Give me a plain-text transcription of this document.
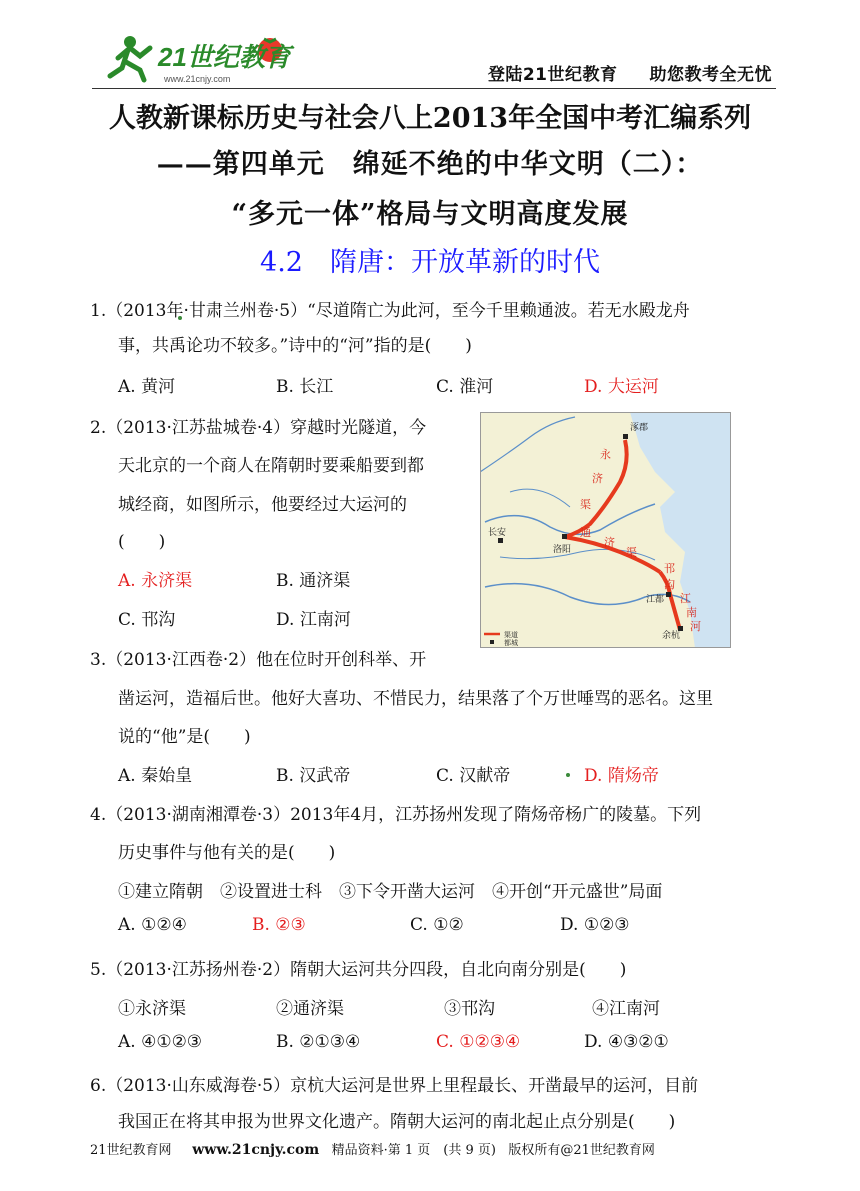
21世纪教育
www.21cnjy.com	登陆21世纪教育 助您教考全无忧
人教新课标历史与社会八上2013年全国中考汇编系列
——第四单元　绵延不绝的中华文明（二）：
“多元一体”格局与文明高度发展
4.2　隋唐：开放革新的时代
1.（2013年·甘肃兰州卷·5）“尽道隋亡为此河，至今千里赖通波。若无水殿龙舟
事，共禹论功不较多。”诗中的“河”指的是(　　)
A. 黄河	B. 长江	C. 淮河	D. 大运河
2.（2013·江苏盐城卷·4）穿越时光隧道，今
天北京的一个商人在隋朝时要乘船要到都
城经商，如图所示，他要经过大运河的
(　　)
A. 永济渠	B. 通济渠
C. 邗沟	D. 江南河
涿郡
洛阳
长安
江都
余杭
永
济
渠
通
济
渠
邗
沟
江
南
河
渠道
都城
3.（2013·江西卷·2）他在位时开创科举、开
凿运河，造福后世。他好大喜功、不惜民力，结果落了个万世唾骂的恶名。这里
说的“他”是(　　)
A. 秦始皇	B. 汉武帝	C. 汉献帝	D. 隋炀帝
4.（2013·湖南湘潭卷·3）2013年4月，江苏扬州发现了隋炀帝杨广的陵墓。下列
历史事件与他有关的是(　　)
①建立隋朝　②设置进士科　③下令开凿大运河　④开创“开元盛世”局面
A. ①②④	B. ②③	C. ①②	D. ①②③
5.（2013·江苏扬州卷·2）隋朝大运河共分四段，自北向南分别是(　　)
①永济渠	②通济渠	③邗沟	④江南河
A. ④①②③	B. ②①③④	C. ①②③④	D. ④③②①
6.（2013·山东威海卷·5）京杭大运河是世界上里程最长、开凿最早的运河，目前
我国正在将其申报为世界文化遗产。隋朝大运河的南北起止点分别是(　　)
21世纪教育网 www.21cnjy.com 精品资料·第 1 页　(共 9 页) 版权所有@21世纪教育网
